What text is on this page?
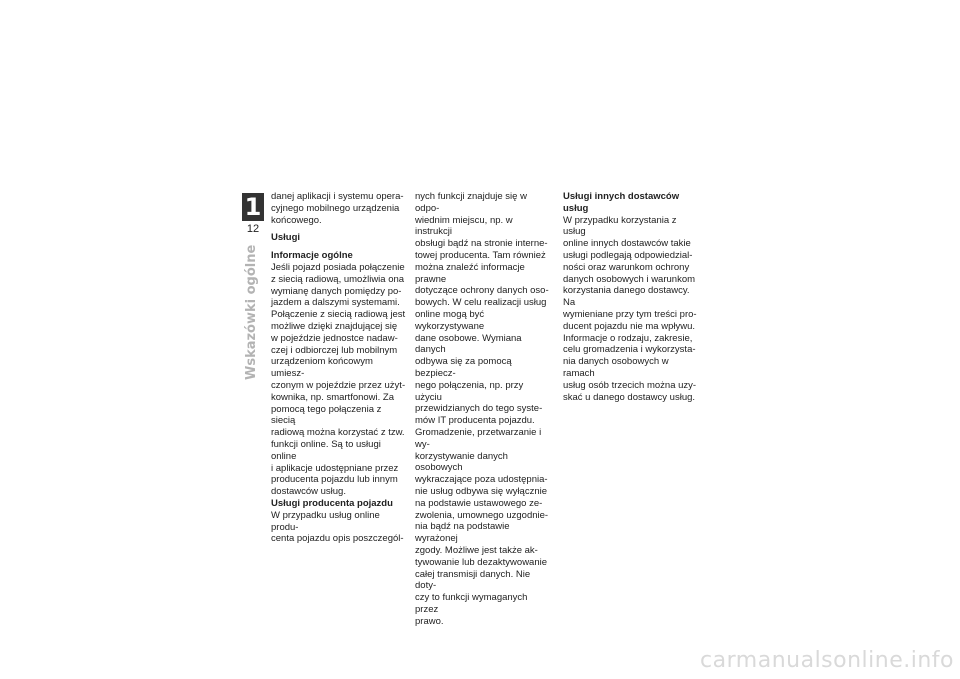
1
12
Wskazówki ogólne

danej aplikacji i systemu opera-
cyjnego mobilnego urządzenia
końcowego.

Usługi

Informacje ogólne

Jeśli pojazd posiada połączenie
z siecią radiową, umożliwia ona
wymianę danych pomiędzy po-
jazdem a dalszymi systemami.
Połączenie z siecią radiową jest
możliwe dzięki znajdującej się
w pojeździe jednostce nadaw-
czej i odbiorczej lub mobilnym
urządzeniom końcowym umiesz-
czonym w pojeździe przez użyt-
kownika, np. smartfonowi. Za
pomocą tego połączenia z siecią
radiową można korzystać z tzw.
funkcji online. Są to usługi online
i aplikacje udostępniane przez
producenta pojazdu lub innym
dostawców usług.

Usługi producenta pojazdu

W przypadku usług online produ-
centa pojazdu opis poszczegól-

nych funkcji znajduje się w odpo-
wiednim miejscu, np. w instrukcji
obsługi bądź na stronie interne-
towej producenta. Tam również
można znaleźć informacje prawne
dotyczące ochrony danych oso-
bowych. W celu realizacji usług
online mogą być wykorzystywane
dane osobowe. Wymiana danych
odbywa się za pomocą bezpiecz-
nego połączenia, np. przy użyciu
przewidzianych do tego syste-
mów IT producenta pojazdu.
Gromadzenie, przetwarzanie i wy-
korzystywanie danych osobowych
wykraczające poza udostępnia-
nie usług odbywa się wyłącznie
na podstawie ustawowego ze-
zwolenia, umownego uzgodnie-
nia bądź na podstawie wyrażonej
zgody. Możliwe jest także ak-
tywowanie lub dezaktywowanie
całej transmisji danych. Nie doty-
czy to funkcji wymaganych przez
prawo.

Usługi innych dostawców
usług

W przypadku korzystania z usług
online innych dostawców takie
usługi podlegają odpowiedzial-
ności oraz warunkom ochrony
danych osobowych i warunkom
korzystania danego dostawcy. Na
wymieniane przy tym treści pro-
ducent pojazdu nie ma wpływu.
Informacje o rodzaju, zakresie,
celu gromadzenia i wykorzysta-
nia danych osobowych w ramach
usług osób trzecich można uzy-
skać u danego dostawcy usług.

carmanualsonline.info
